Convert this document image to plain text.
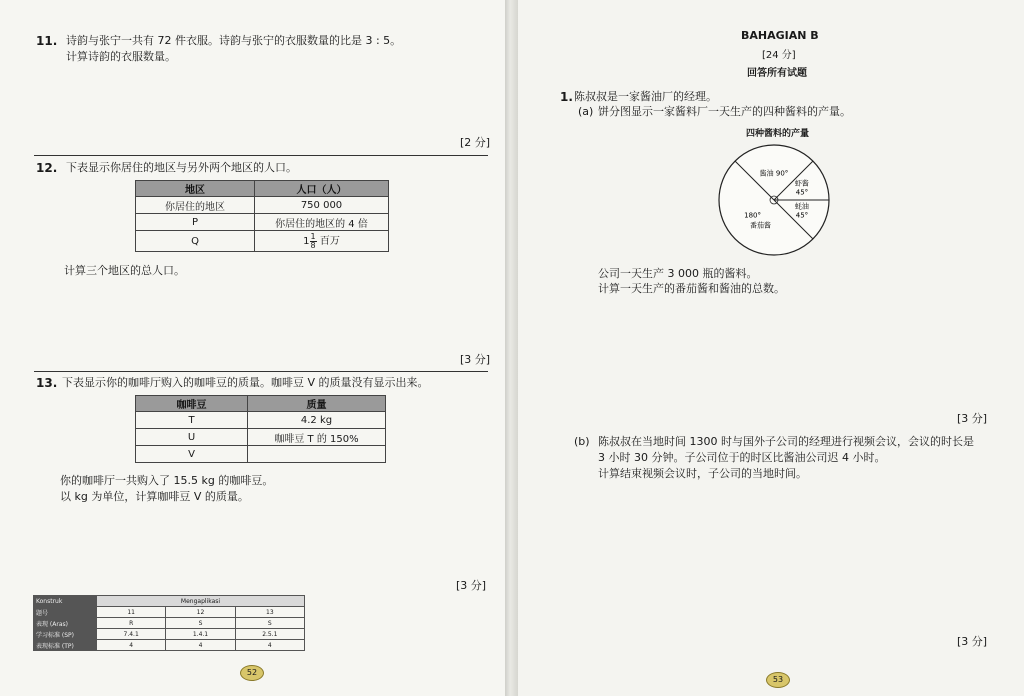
11. 诗韵与张宁一共有 72 件衣服。诗韵与张宁的衣服数量的比是 3 : 5。
计算诗韵的衣服数量。
[2 分]
12. 下表显示你居住的地区与另外两个地区的人口。
地区	人口（人）
你居住的地区	750 000
P	你居住的地区的 4 倍
Q	$1 \frac{1}{8}$ 百万
计算三个地区的总人口。
[3 分]
13. 下表显示你的咖啡厅购入的咖啡豆的质量。咖啡豆 V 的质量没有显示出来。
咖啡豆	质量
T	4.2 kg
U	咖啡豆 T 的 150%
V	
你的咖啡厅一共购入了 15.5 kg 的咖啡豆。
以 kg 为单位，计算咖啡豆 V 的质量。
[3 分]
Konstruk	Mengaplikasi		
题号	11	12	13
表现 (Aras)	R	S	S
学习标准 (SP)	7.4.1	1.4.1	2.5.1
表现标准 (TP)	4	4	4
52
BAHAGIAN B
[24 分]
回答所有试题
1. 陈叔叔是一家酱油厂的经理。
(a) 饼分图显示一家酱料厂一天生产的四种酱料的产量。
四种酱料的产量
番茄酱
180°
酱油 90°
虾酱
45°
蚝油
45°
公司一天生产 3 000 瓶的酱料。
计算一天生产的番茄酱和酱油的总数。
[3 分]
(b) 陈叔叔在当地时间 1300 时与国外子公司的经理进行视频会议，会议的时长是
3 小时 30 分钟。子公司位于的时区比酱油公司迟 4 小时。
计算结束视频会议时，子公司的当地时间。
[3 分]
53
